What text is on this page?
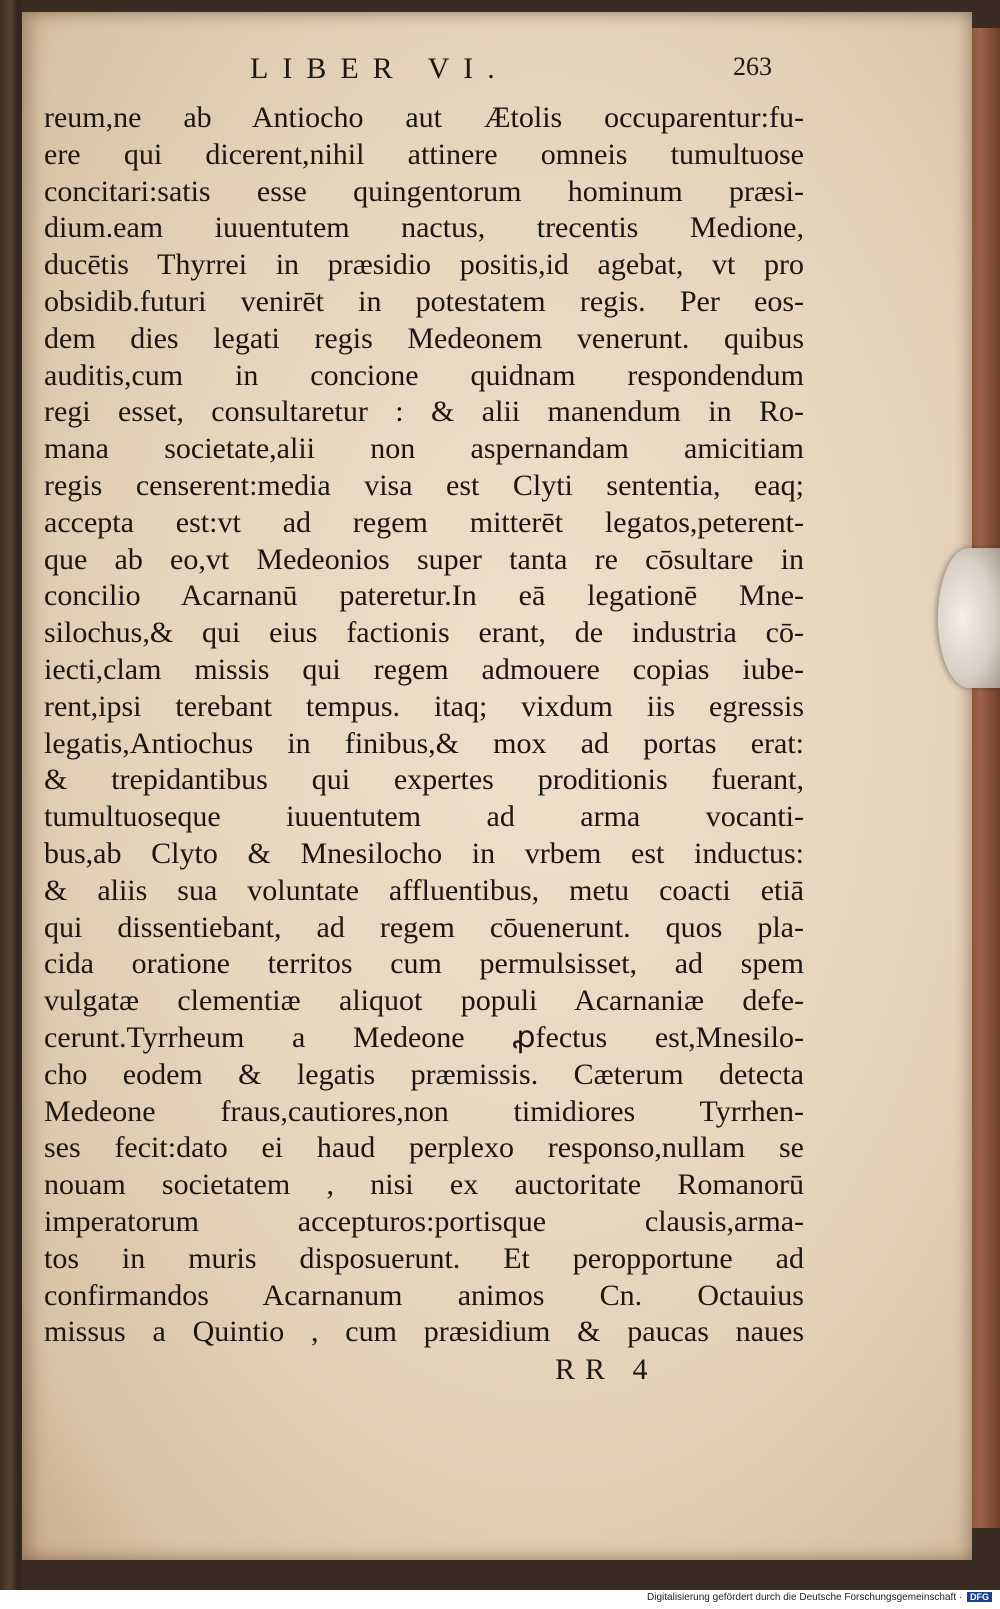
LIBER VI.	263
reum,ne ab Antiocho aut Ætolis occuparentur:fu-
ere qui dicerent,nihil attinere omneis tumultuose
concitari:satis esse quingentorum hominum præsi-
dium.eam iuuentutem nactus, trecentis Medione,
ducētis Thyrrei in præsidio positis,id agebat, vt pro
obsidib.futuri venirēt in potestatem regis. Per eos-
dem dies legati regis Medeonem venerunt. quibus
auditis,cum in concione quidnam respondendum
regi esset, consultaretur : & alii manendum in Ro-
mana societate,alii non aspernandam amicitiam
regis censerent:media visa est Clyti sententia, eaq;
accepta est:vt ad regem mitterēt legatos,peterent-
que ab eo,vt Medeonios super tanta re cōsultare in
concilio Acarnanū pateretur.In eā legationē Mne-
silochus,& qui eius factionis erant, de industria cō-
iecti,clam missis qui regem admouere copias iube-
rent,ipsi terebant tempus. itaq; vixdum iis egressis
legatis,Antiochus in finibus,& mox ad portas erat:
& trepidantibus qui expertes proditionis fuerant,
tumultuoseque iuuentutem ad arma vocanti-
bus,ab Clyto & Mnesilocho in vrbem est inductus:
& aliis sua voluntate affluentibus, metu coacti etiā
qui dissentiebant, ad regem cōuenerunt. quos pla-
cida oratione territos cum permulsisset, ad spem
vulgatæ clementiæ aliquot populi Acarnaniæ defe-
cerunt.Tyrrheum a Medeone ꝓfectus est,Mnesilo-
cho eodem & legatis præmissis. Cæterum detecta
Medeone fraus,cautiores,non timidiores Tyrrhen-
ses fecit:dato ei haud perplexo responso,nullam se
nouam societatem , nisi ex auctoritate Romanorū
imperatorum accepturos:portisque clausis,arma-
tos in muris disposuerunt. Et peropportune ad
confirmandos Acarnanum animos Cn. Octauius
missus a Quintio , cum præsidium & paucas naues
RR 4
Digitalisierung gefördert durch die Deutsche Forschungsgemeinschaft · DFG
